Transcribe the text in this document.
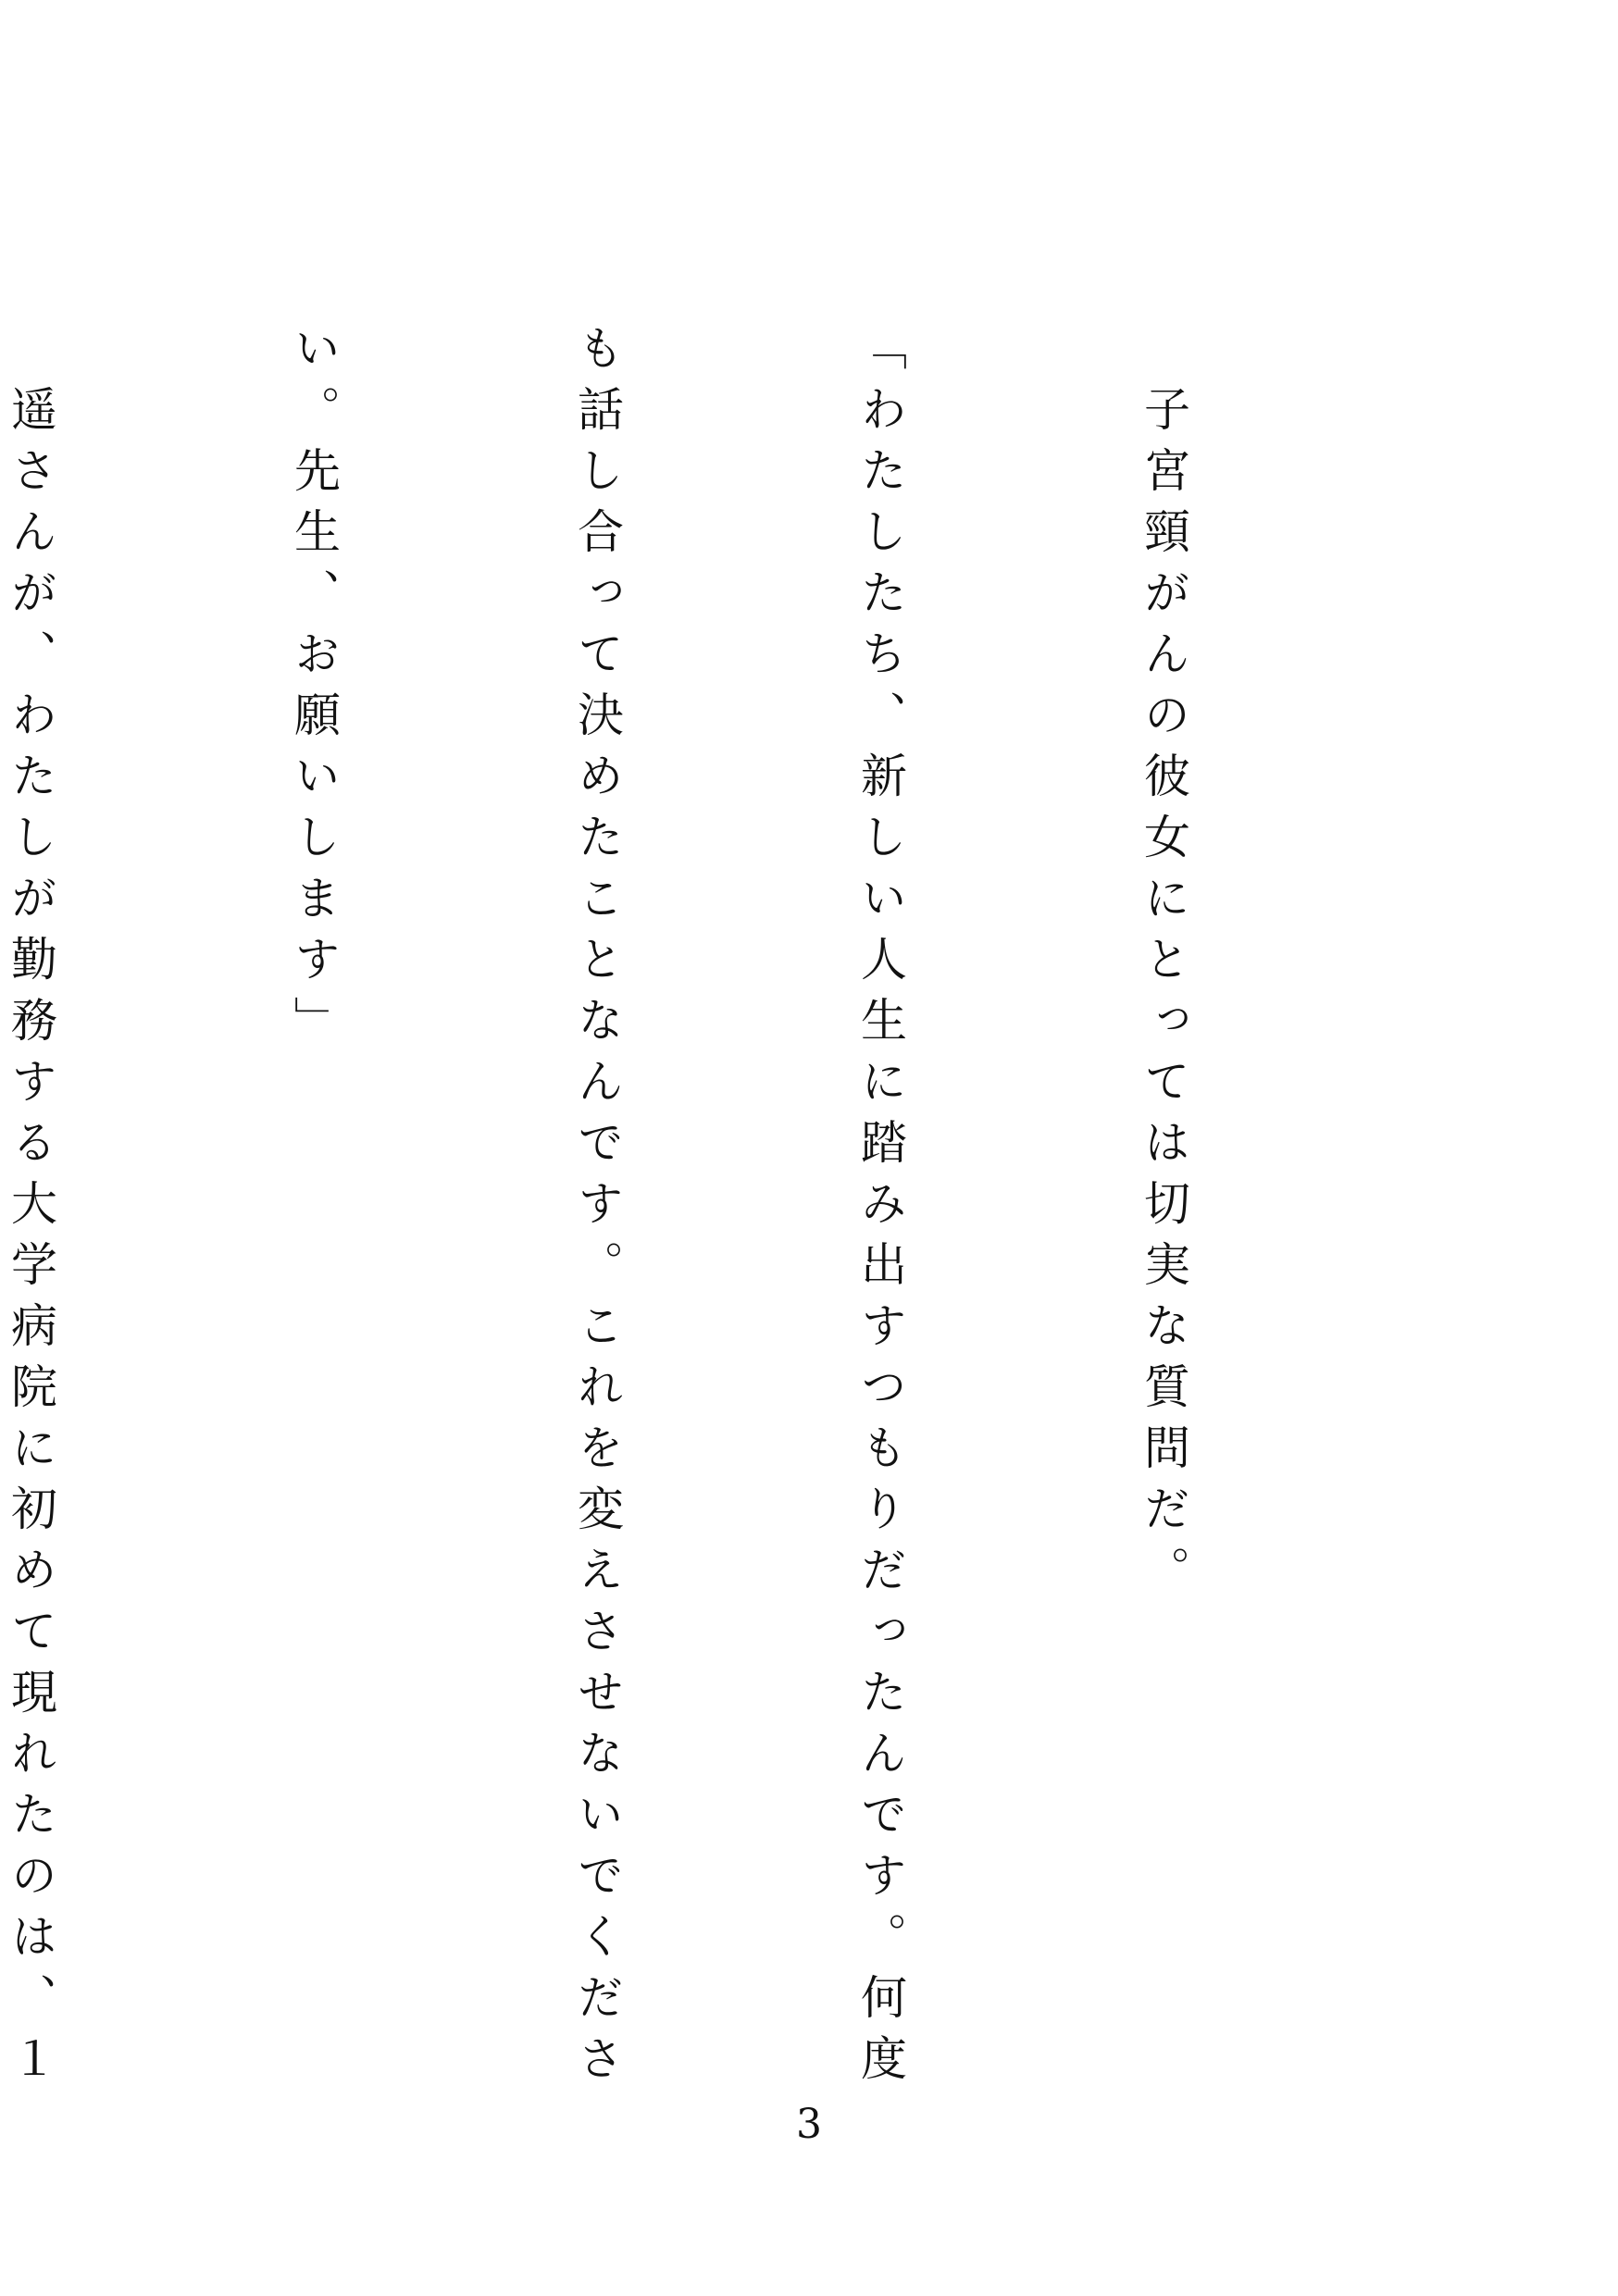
　子宮頸がんの彼女にとっては切実な質問だ。

「わたしたち、新しい人生に踏み出すつもりだったんです。何度

も話し合って決めたことなんです。これを変えさせないでくださ

い。先生、お願いします」

　遥さんが、わたしが勤務する大学病院に初めて現れたのは、１

3
